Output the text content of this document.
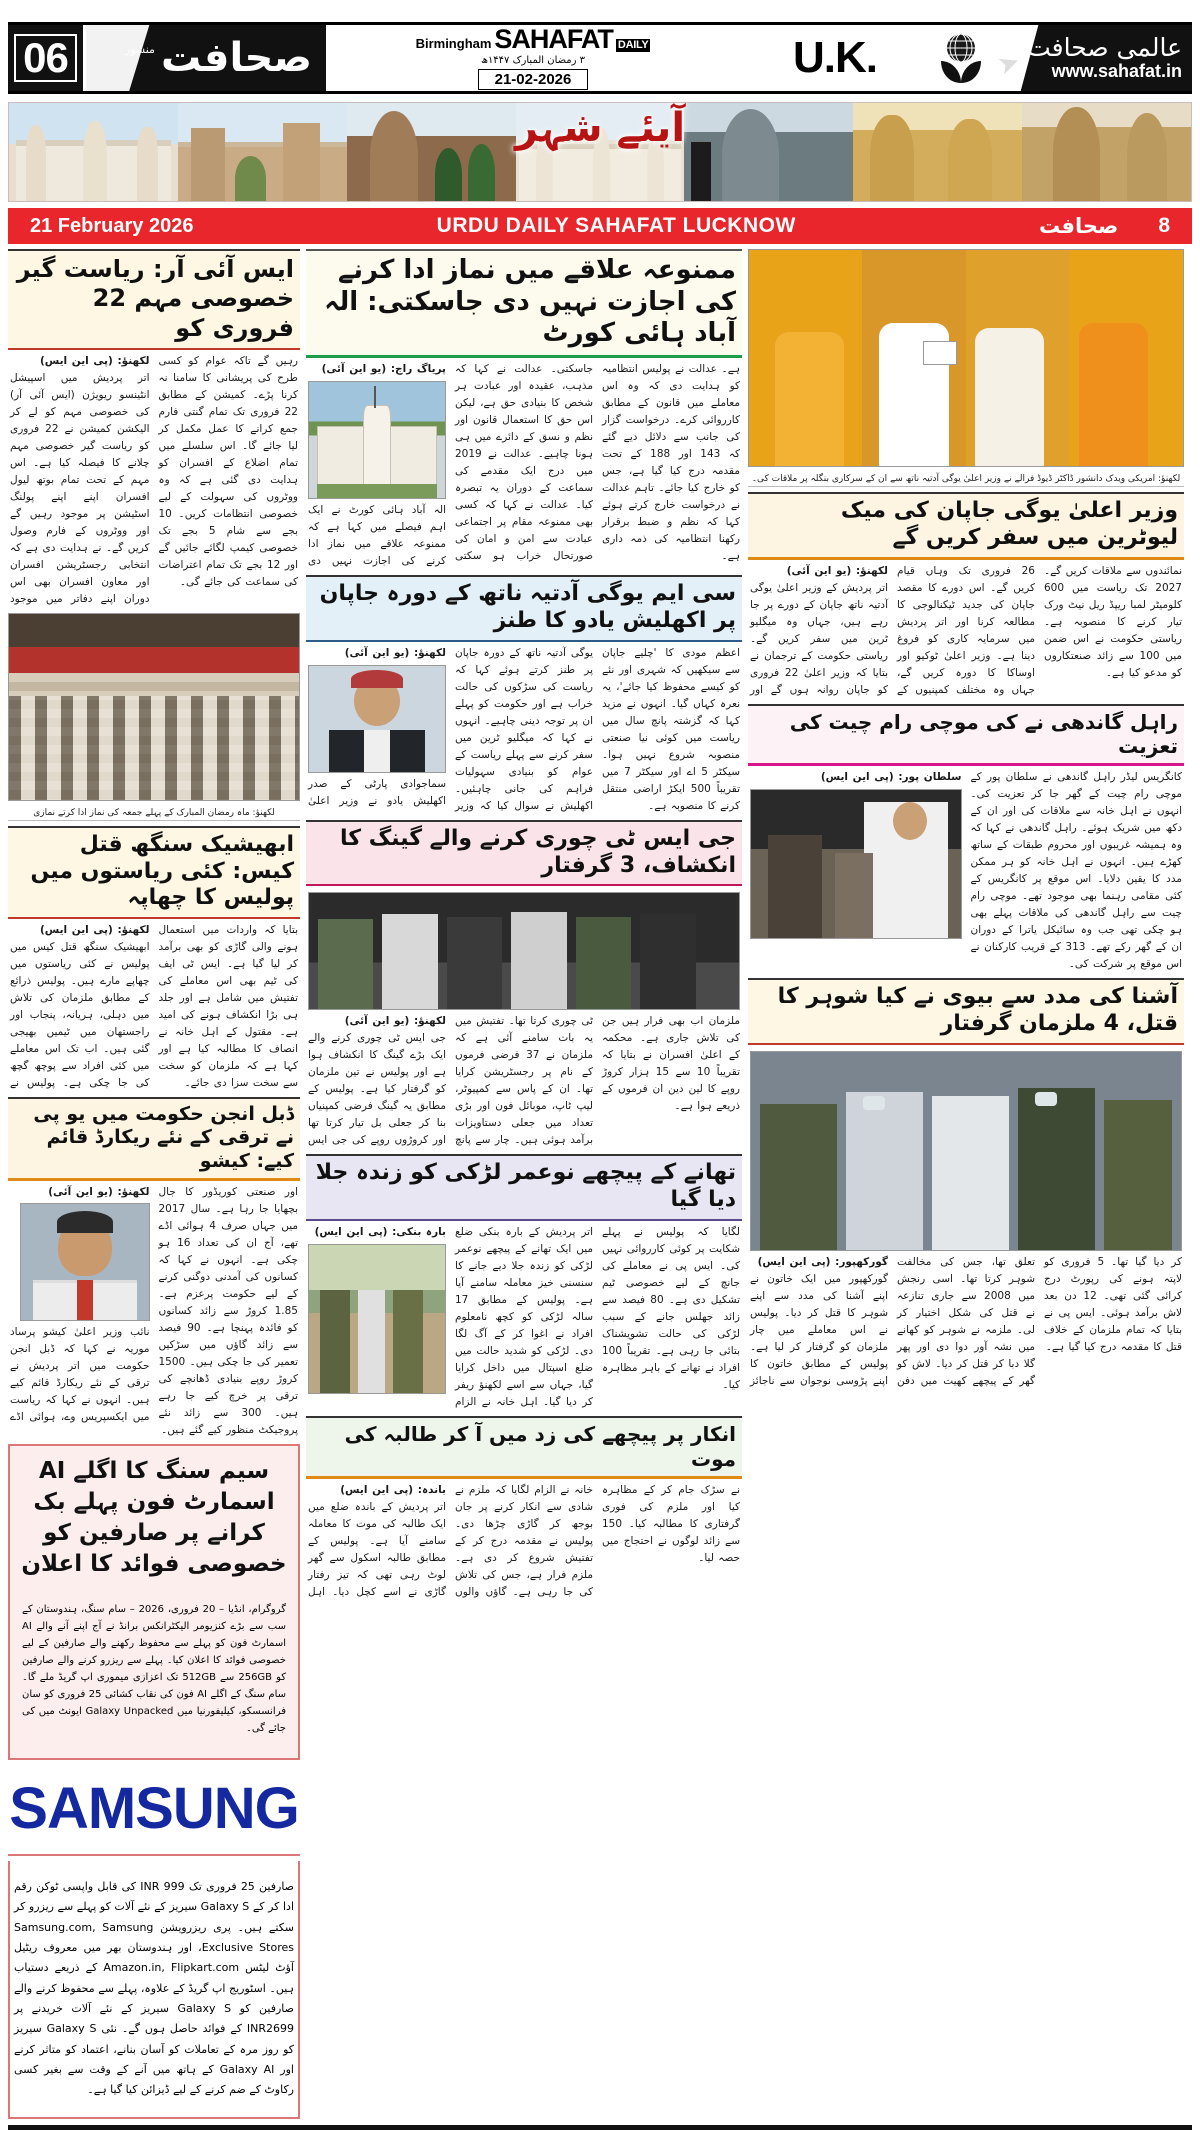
06	منشور صحافت	Birmingham SAHAFAT DAILY
۳ رمضان المبارک ۱۴۴۷ھ
21-02-2026	U.K.	➤ عالمی صحافت
www.sahafat.in
آیئے شہر
21 February 2026	URDU DAILY SAHAFAT LUCKNOW	صحافت 8
ایس آئی آر: ریاست گیر خصوصی مہم 22 فروری کو

لکھنؤ: (پی این ایس)

اتر پردیش میں اسپیشل انٹینسو ریویژن (ایس آئی آر) کی خصوصی مہم کو لے کر الیکشن کمیشن نے 22 فروری کو ریاست گیر خصوصی مہم چلانے کا فیصلہ کیا ہے۔ اس مہم کے تحت تمام بوتھ لیول افسران اپنے اپنے پولنگ اسٹیشن پر موجود رہیں گے اور ووٹروں کے فارم وصول کریں گے۔ نے ہدایت دی ہے کہ انتخابی رجسٹریشن افسران اور معاون افسران بھی اس دوران اپنے دفاتر میں موجود رہیں گے تاکہ عوام کو کسی طرح کی پریشانی کا سامنا نہ کرنا پڑے۔ کمیشن کے مطابق 22 فروری تک تمام گنتی فارم جمع کرانے کا عمل مکمل کر لیا جائے گا۔ اس سلسلے میں تمام اضلاع کے افسران کو ہدایت دی گئی ہے کہ وہ ووٹروں کی سہولت کے لیے خصوصی انتظامات کریں۔ 10 بجے سے شام 5 بجے تک خصوصی کیمپ لگائے جائیں گے اور 12 بجے تک تمام اعتراضات کی سماعت کی جائے گی۔

لکھنؤ: ماہ رمضان المبارک کے پہلے جمعہ کی نماز ادا کرتے نمازی
ابھیشیک سنگھ قتل کیس: کئی ریاستوں میں پولیس کا چھاپہ

لکھنؤ: (پی این ایس)

ابھیشیک سنگھ قتل کیس میں پولیس نے کئی ریاستوں میں چھاپے مارے ہیں۔ پولیس ذرائع کے مطابق ملزمان کی تلاش میں دہلی، ہریانہ، پنجاب اور راجستھان میں ٹیمیں بھیجی گئی ہیں۔ اب تک اس معاملے میں کئی افراد سے پوچھ گچھ کی جا چکی ہے۔ پولیس نے بتایا کہ واردات میں استعمال ہونے والی گاڑی کو بھی برآمد کر لیا گیا ہے۔ ایس ٹی ایف کی ٹیم بھی اس معاملے کی تفتیش میں شامل ہے اور جلد ہی بڑا انکشاف ہونے کی امید ہے۔ مقتول کے اہل خانہ نے انصاف کا مطالبہ کیا ہے اور کہا ہے کہ ملزمان کو سخت سے سخت سزا دی جائے۔

ڈبل انجن حکومت میں یو پی نے ترقی کے نئے ریکارڈ قائم کیے: کیشو

لکھنؤ: (یو این آئی)

نائب وزیر اعلیٰ کیشو پرساد موریہ نے کہا کہ ڈبل انجن حکومت میں اتر پردیش نے ترقی کے نئے ریکارڈ قائم کیے ہیں۔ انہوں نے کہا کہ ریاست میں ایکسپریس وے، ہوائی اڈے اور صنعتی کوریڈور کا جال بچھایا جا رہا ہے۔ سال 2017 میں جہاں صرف 4 ہوائی اڈے تھے، آج ان کی تعداد 16 ہو چکی ہے۔ انہوں نے کہا کہ کسانوں کی آمدنی دوگنی کرنے کے لیے حکومت پرعزم ہے۔ 1.85 کروڑ سے زائد کسانوں کو فائدہ پہنچا ہے۔ 90 فیصد سے زائد گاؤں میں سڑکیں تعمیر کی جا چکی ہیں۔ 1500 کروڑ روپے بنیادی ڈھانچے کی ترقی پر خرچ کیے جا رہے ہیں۔ 300 سے زائد نئے پروجیکٹ منظور کیے گئے ہیں۔

سیم سنگ کا اگلے AI اسمارٹ فون پہلے بک کرانے پر صارفین کو خصوصی فوائد کا اعلان

گروگرام، انڈیا – 20 فروری، 2026 – سام سنگ، ہندوستان کے سب سے بڑے کنزیومر الیکٹرانکس برانڈ نے آج اپنے آنے والے AI اسمارٹ فون کو پہلے سے محفوظ رکھنے والے صارفین کے لیے خصوصی فوائد کا اعلان کیا۔ پہلے سے ریزرو کرنے والے صارفین کو 256GB سے 512GB تک اعزازی میموری اپ گریڈ ملے گا۔ سام سنگ کے اگلے AI فون کی نقاب کشائی 25 فروری کو سان فرانسسکو، کیلیفورنیا میں Galaxy Unpacked ایونٹ میں کی جائے گی۔

SAMSUNG

صارفین 25 فروری تک INR 999 کی قابل واپسی ٹوکن رقم ادا کر کے Galaxy S سیریز کے نئے آلات کو پہلے سے ریزرو کر سکتے ہیں۔ پری ریزرویشن Samsung.com, Samsung Exclusive Stores، اور ہندوستان بھر میں معروف ریٹیل آؤٹ لیٹس Amazon.in, Flipkart.com کے ذریعے دستیاب ہیں۔ اسٹوریج اپ گریڈ کے علاوہ، پہلے سے محفوظ کرنے والے صارفین کو Galaxy S سیریز کے نئے آلات خریدنے پر INR2699 کے فوائد حاصل ہوں گے۔ نئی Galaxy S سیریز کو روز مرہ کے تعاملات کو آسان بنانے، اعتماد کو متاثر کرنے اور Galaxy AI کے ہاتھ میں آنے کے وقت سے بغیر کسی رکاوٹ کے ضم کرنے کے لیے ڈیزائن کیا گیا ہے۔

ممنوعہ علاقے میں نماز ادا کرنے کی اجازت نہیں دی جاسکتی: الہ آباد ہائی کورٹ

پریاگ راج: (یو این آئی)

الہ آباد ہائی کورٹ نے ایک اہم فیصلے میں کہا ہے کہ ممنوعہ علاقے میں نماز ادا کرنے کی اجازت نہیں دی جاسکتی۔ عدالت نے کہا کہ مذہب، عقیدہ اور عبادت ہر شخص کا بنیادی حق ہے، لیکن اس حق کا استعمال قانون اور نظم و نسق کے دائرے میں ہی ہونا چاہیے۔ عدالت نے 2019 میں درج ایک مقدمے کی سماعت کے دوران یہ تبصرہ کیا۔ عدالت نے کہا کہ کسی بھی ممنوعہ مقام پر اجتماعی عبادت سے امن و امان کی صورتحال خراب ہو سکتی ہے۔ عدالت نے پولیس انتظامیہ کو ہدایت دی کہ وہ اس معاملے میں قانون کے مطابق کارروائی کرے۔ درخواست گزار کی جانب سے دلائل دیے گئے کہ 143 اور 188 کے تحت مقدمہ درج کیا گیا ہے، جس کو خارج کیا جائے۔ تاہم عدالت نے درخواست خارج کرتے ہوئے کہا کہ نظم و ضبط برقرار رکھنا انتظامیہ کی ذمہ داری ہے۔

سی ایم یوگی آدتیہ ناتھ کے دورہ جاپان پر اکھلیش یادو کا طنز

لکھنؤ: (یو این آئی)

سماجوادی پارٹی کے صدر اکھلیش یادو نے وزیر اعلیٰ یوگی آدتیہ ناتھ کے دورہ جاپان پر طنز کرتے ہوئے کہا کہ ریاست کی سڑکوں کی حالت خراب ہے اور حکومت کو پہلے ان پر توجہ دینی چاہیے۔ انہوں نے کہا کہ میگلیو ٹرین میں سفر کرنے سے پہلے ریاست کے عوام کو بنیادی سہولیات فراہم کی جانی چاہئیں۔ اکھلیش نے سوال کیا کہ وزیر اعظم مودی کا 'چلیے جاپان سے سیکھیں کہ شہری اور نئے کو کیسے محفوظ کیا جائے'، یہ نعرہ کہاں گیا۔ انہوں نے مزید کہا کہ گزشتہ پانچ سال میں ریاست میں کوئی نیا صنعتی منصوبہ شروع نہیں ہوا۔ سیکٹر 5 اے اور سیکٹر 7 میں تقریباً 500 ایکڑ اراضی منتقل کرنے کا منصوبہ ہے۔

جی ایس ٹی چوری کرنے والے گینگ کا انکشاف، 3 گرفتار

لکھنؤ: (یو این آئی)

جی ایس ٹی چوری کرنے والے ایک بڑے گینگ کا انکشاف ہوا ہے اور پولیس نے تین ملزمان کو گرفتار کیا ہے۔ پولیس کے مطابق یہ گینگ فرضی کمپنیاں بنا کر جعلی بل تیار کرتا تھا اور کروڑوں روپے کی جی ایس ٹی چوری کرتا تھا۔ تفتیش میں یہ بات سامنے آئی ہے کہ ملزمان نے 37 فرضی فرموں کے نام پر رجسٹریشن کرایا تھا۔ ان کے پاس سے کمپیوٹر، لیپ ٹاپ، موبائل فون اور بڑی تعداد میں جعلی دستاویزات برآمد ہوئی ہیں۔ چار سے پانچ ملزمان اب بھی فرار ہیں جن کی تلاش جاری ہے۔ محکمہ کے اعلیٰ افسران نے بتایا کہ تقریباً 10 سے 15 ہزار کروڑ روپے کا لین دین ان فرموں کے ذریعے ہوا ہے۔

تھانے کے پیچھے نوعمر لڑکی کو زندہ جلا دیا گیا

بارہ بنکی: (پی این ایس) اتر پردیش کے بارہ بنکی ضلع میں ایک تھانے کے پیچھے نوعمر لڑکی کو زندہ جلا دیے جانے کا سنسنی خیز معاملہ سامنے آیا ہے۔ پولیس کے مطابق 17 سالہ لڑکی کو کچھ نامعلوم افراد نے اغوا کر کے آگ لگا دی۔ لڑکی کو شدید حالت میں ضلع اسپتال میں داخل کرایا گیا، جہاں سے اسے لکھنؤ ریفر کر دیا گیا۔ اہل خانہ نے الزام لگایا کہ پولیس نے پہلے شکایت پر کوئی کارروائی نہیں کی۔ ایس پی نے معاملے کی جانچ کے لیے خصوصی ٹیم تشکیل دی ہے۔ 80 فیصد سے زائد جھلس جانے کے سبب لڑکی کی حالت تشویشناک بتائی جا رہی ہے۔ تقریباً 100 افراد نے تھانے کے باہر مظاہرہ کیا۔

انکار پر پیچھے کی زد میں آ کر طالبہ کی موت

باندہ: (پی این ایس)

اتر پردیش کے باندہ ضلع میں ایک طالبہ کی موت کا معاملہ سامنے آیا ہے۔ پولیس کے مطابق طالبہ اسکول سے گھر لوٹ رہی تھی کہ تیز رفتار گاڑی نے اسے کچل دیا۔ اہل خانہ نے الزام لگایا کہ ملزم نے شادی سے انکار کرنے پر جان بوجھ کر گاڑی چڑھا دی۔ پولیس نے مقدمہ درج کر کے تفتیش شروع کر دی ہے۔ ملزم فرار ہے، جس کی تلاش کی جا رہی ہے۔ گاؤں والوں نے سڑک جام کر کے مظاہرہ کیا اور ملزم کی فوری گرفتاری کا مطالبہ کیا۔ 150 سے زائد لوگوں نے احتجاج میں حصہ لیا۔

لکھنؤ: امریکی ویدک دانشور ڈاکٹر ڈیوڈ فرالے نے وزیر اعلیٰ یوگی آدتیہ ناتھ سے ان کے سرکاری بنگلہ پر ملاقات کی۔
وزیر اعلیٰ یوگی جاپان کی میک لیوٹرین میں سفر کریں گے

لکھنؤ: (یو این آئی)

اتر پردیش کے وزیر اعلیٰ یوگی آدتیہ ناتھ جاپان کے دورے پر جا رہے ہیں، جہاں وہ میگلیو ٹرین میں سفر کریں گے۔ ریاستی حکومت کے ترجمان نے بتایا کہ وزیر اعلیٰ 22 فروری کو جاپان روانہ ہوں گے اور 26 فروری تک وہاں قیام کریں گے۔ اس دورے کا مقصد جاپان کی جدید ٹیکنالوجی کا مطالعہ کرنا اور اتر پردیش میں سرمایہ کاری کو فروغ دینا ہے۔ وزیر اعلیٰ ٹوکیو اور اوساکا کا دورہ کریں گے، جہاں وہ مختلف کمپنیوں کے نمائندوں سے ملاقات کریں گے۔ 2027 تک ریاست میں 600 کلومیٹر لمبا ریپڈ ریل نیٹ ورک تیار کرنے کا منصوبہ ہے۔ ریاستی حکومت نے اس ضمن میں 100 سے زائد صنعتکاروں کو مدعو کیا ہے۔

راہل گاندھی نے کی موچی رام چیت کی تعزیت

سلطان پور: (پی این ایس) کانگریس لیڈر راہل گاندھی نے سلطان پور کے موچی رام چیت کے گھر جا کر تعزیت کی۔ انہوں نے اہل خانہ سے ملاقات کی اور ان کے دکھ میں شریک ہوئے۔ راہل گاندھی نے کہا کہ وہ ہمیشہ غریبوں اور محروم طبقات کے ساتھ کھڑے ہیں۔ انہوں نے اہل خانہ کو ہر ممکن مدد کا یقین دلایا۔ اس موقع پر کانگریس کے کئی مقامی رہنما بھی موجود تھے۔ موچی رام چیت سے راہل گاندھی کی ملاقات پہلے بھی ہو چکی تھی جب وہ سائیکل یاترا کے دوران ان کے گھر رکے تھے۔ 313 کے قریب کارکنان نے اس موقع پر شرکت کی۔

آشنا کی مدد سے بیوی نے کیا شوہر کا قتل، 4 ملزمان گرفتار

گورکھپور: (پی این ایس)

گورکھپور میں ایک خاتون نے اپنے آشنا کی مدد سے اپنے شوہر کا قتل کر دیا۔ پولیس نے اس معاملے میں چار ملزمان کو گرفتار کر لیا ہے۔ پولیس کے مطابق خاتون کا اپنے پڑوسی نوجوان سے ناجائز تعلق تھا، جس کی مخالفت شوہر کرتا تھا۔ اسی رنجش میں 2008 سے جاری تنازعہ نے قتل کی شکل اختیار کر لی۔ ملزمہ نے شوہر کو کھانے میں نشہ آور دوا دی اور پھر گلا دبا کر قتل کر دیا۔ لاش کو گھر کے پیچھے کھیت میں دفن کر دیا گیا تھا۔ 5 فروری کو لاپتہ ہونے کی رپورٹ درج کرائی گئی تھی۔ 12 دن بعد لاش برآمد ہوئی۔ ایس پی نے بتایا کہ تمام ملزمان کے خلاف قتل کا مقدمہ درج کیا گیا ہے۔
